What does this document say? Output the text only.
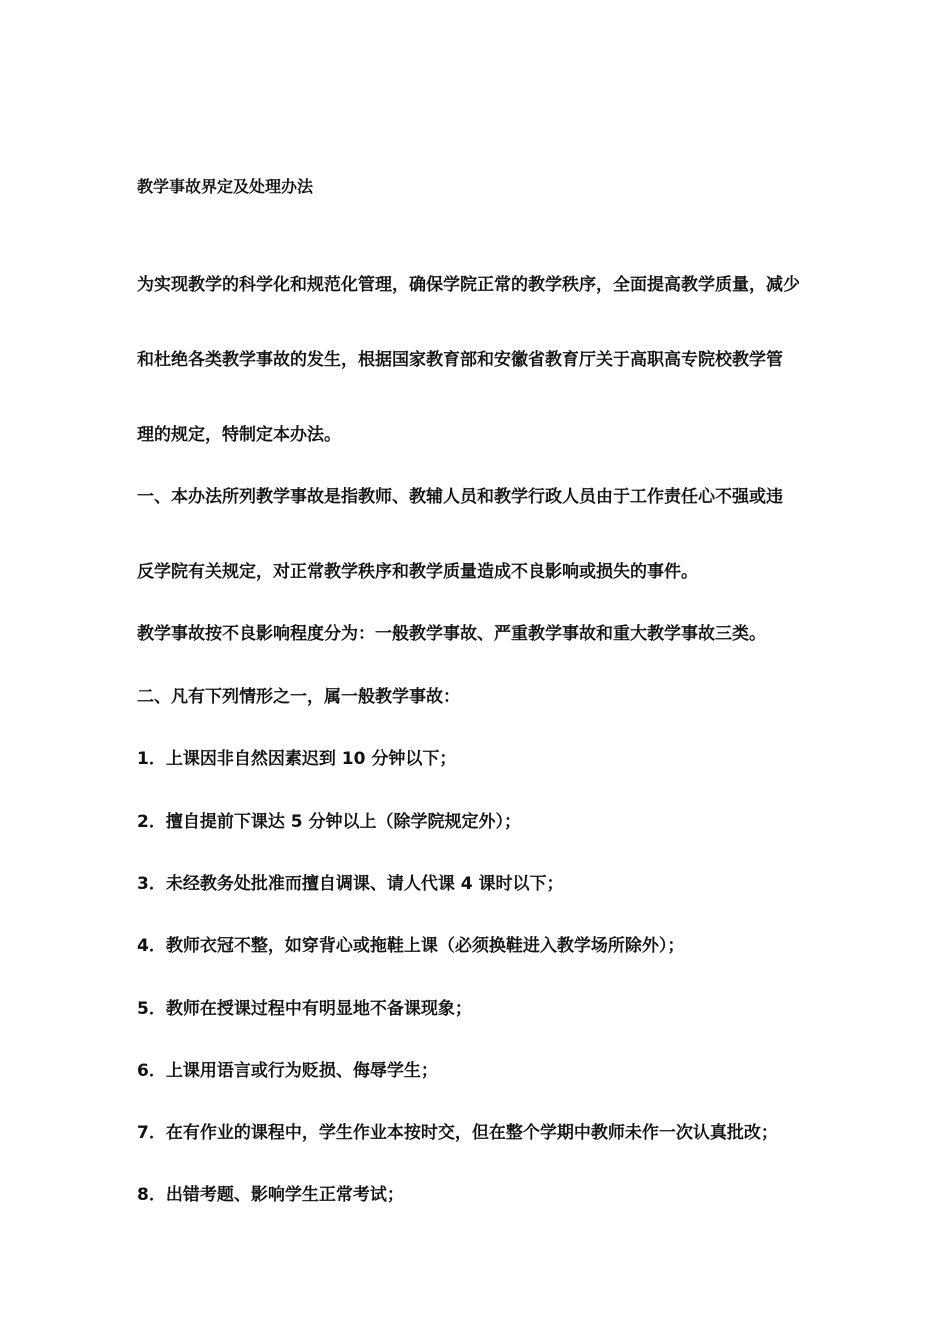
教学事故界定及处理办法
为实现教学的科学化和规范化管理，确保学院正常的教学秩序，全面提高教学质量，减少
和杜绝各类教学事故的发生，根据国家教育部和安徽省教育厅关于高职高专院校教学管
理的规定，特制定本办法。
一、本办法所列教学事故是指教师、教辅人员和教学行政人员由于工作责任心不强或违
反学院有关规定，对正常教学秩序和教学质量造成不良影响或损失的事件。
教学事故按不良影响程度分为：一般教学事故、严重教学事故和重大教学事故三类。
二、凡有下列情形之一，属一般教学事故：
1．上课因非自然因素迟到 10 分钟以下；
2．擅自提前下课达 5 分钟以上（除学院规定外）；
3．未经教务处批准而擅自调课、请人代课 4 课时以下；
4．教师衣冠不整，如穿背心或拖鞋上课（必须换鞋进入教学场所除外）；
5．教师在授课过程中有明显地不备课现象；
6．上课用语言或行为贬损、侮辱学生；
7．在有作业的课程中，学生作业本按时交，但在整个学期中教师未作一次认真批改；
8．出错考题、影响学生正常考试；
